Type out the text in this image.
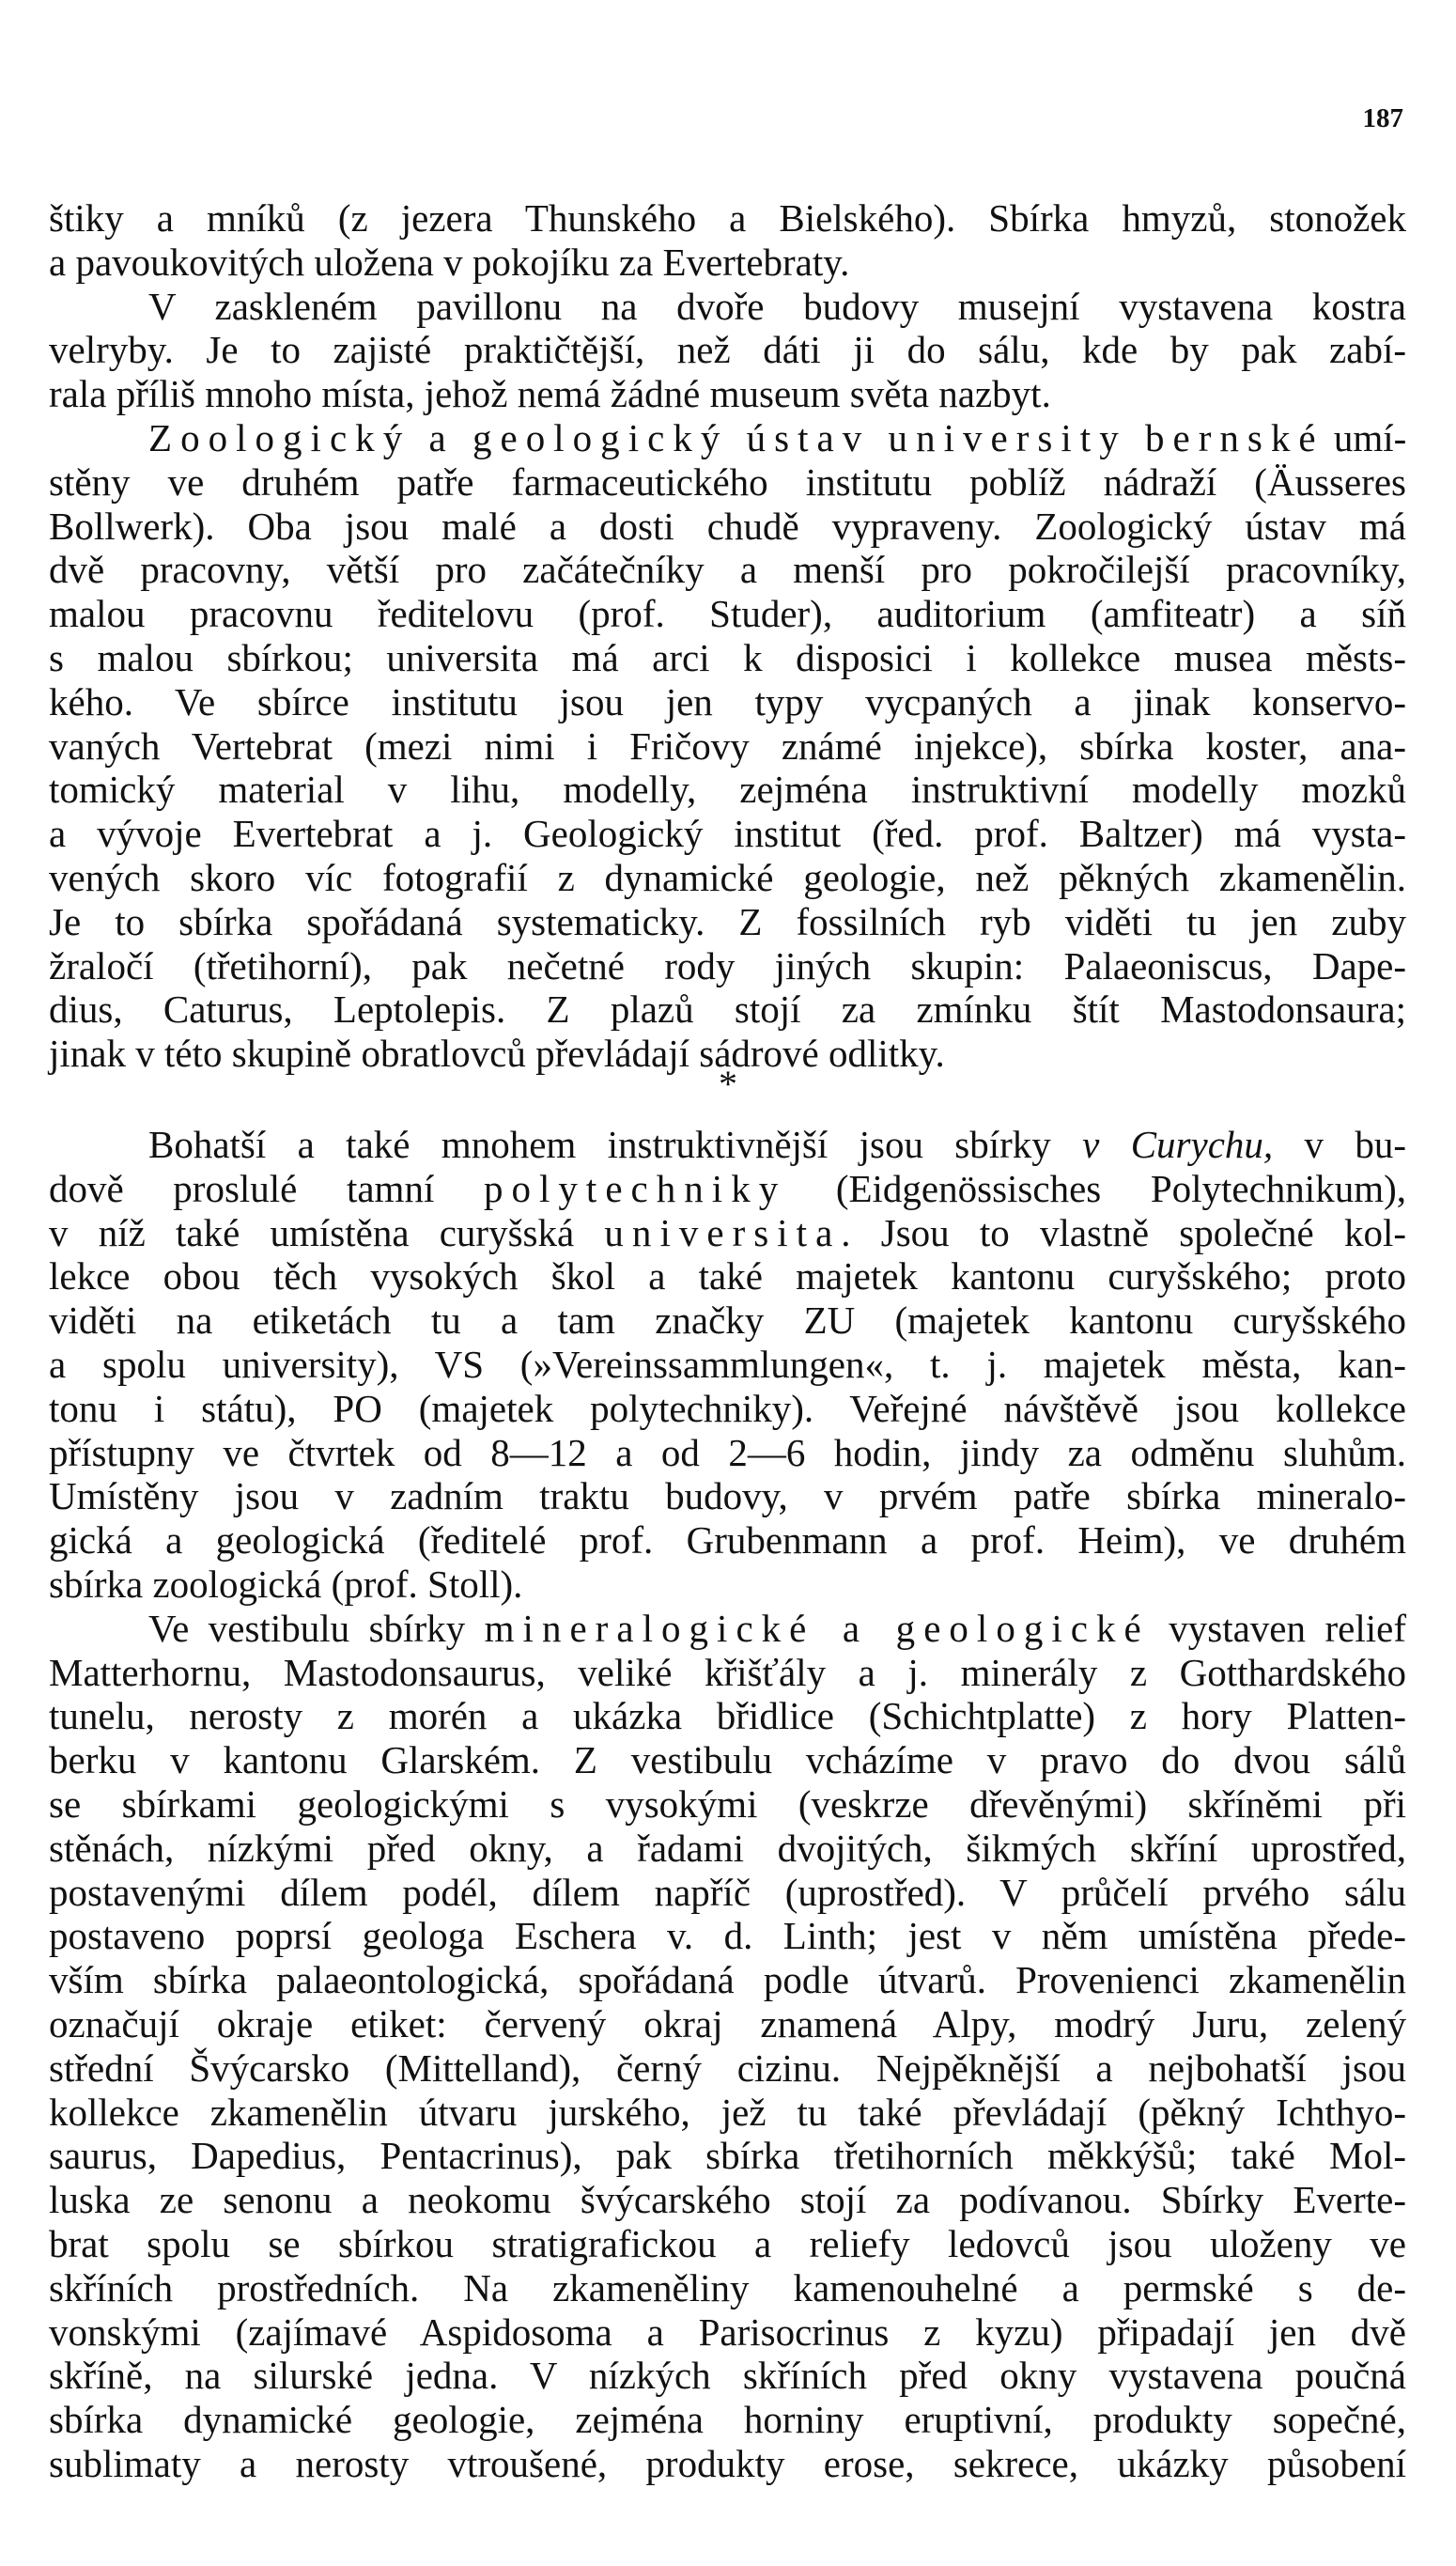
187
štiky a mníků (z jezera Thunského a Bielského). Sbírka hmyzů, stonožek
a pavoukovitých uložena v pokojíku za Evertebraty.
V zaskleném pavillonu na dvoře budovy musejní vystavena kostra
velryby. Je to zajisté praktičtější, než dáti ji do sálu, kde by pak zabí-
rala příliš mnoho místa, jehož nemá žádné museum světa nazbyt.
Zoologický a geologický ústav university bernské umí-
stěny ve druhém patře farmaceutického institutu poblíž nádraží (Äusseres
Bollwerk). Oba jsou malé a dosti chudě vypraveny. Zoologický ústav má
dvě pracovny, větší pro začátečníky a menší pro pokročilejší pracovníky,
malou pracovnu ředitelovu (prof. Studer), auditorium (amfiteatr) a síň
s malou sbírkou; universita má arci k disposici i kollekce musea městs-
kého. Ve sbírce institutu jsou jen typy vycpaných a jinak konservo-
vaných Vertebrat (mezi nimi i Fričovy známé injekce), sbírka koster, ana-
tomický material v lihu, modelly, zejména instruktivní modelly mozků
a vývoje Evertebrat a j. Geologický institut (řed. prof. Baltzer) má vysta-
vených skoro víc fotografií z dynamické geologie, než pěkných zkamenělin.
Je to sbírka spořádaná systematicky. Z fossilních ryb viděti tu jen zuby
žraločí (třetihorní), pak nečetné rody jiných skupin: Palaeoniscus, Dape-
dius, Caturus, Leptolepis. Z plazů stojí za zmínku štít Mastodonsaura;
jinak v této skupině obratlovců převládají sádrové odlitky.
*
Bohatší a také mnohem instruktivnější jsou sbírky v Curychu, v bu-
dově proslulé tamní polytechniky (Eidgenössisches Polytechnikum),
v níž také umístěna curyšská universita. Jsou to vlastně společné kol-
lekce obou těch vysokých škol a také majetek kantonu curyšského; proto
viděti na etiketách tu a tam značky ZU (majetek kantonu curyšského
a spolu university), VS (»Vereinssammlungen«, t. j. majetek města, kan-
tonu i státu), PO (majetek polytechniky). Veřejné návštěvě jsou kollekce
přístupny ve čtvrtek od 8—12 a od 2—6 hodin, jindy za odměnu sluhům.
Umístěny jsou v zadním traktu budovy, v prvém patře sbírka mineralo-
gická a geologická (ředitelé prof. Grubenmann a prof. Heim), ve druhém
sbírka zoologická (prof. Stoll).
Ve vestibulu sbírky mineralogické a geologické vystaven relief
Matterhornu, Mastodonsaurus, veliké křišťály a j. minerály z Gotthardského
tunelu, nerosty z morén a ukázka břidlice (Schichtplatte) z hory Platten-
berku v kantonu Glarském. Z vestibulu vcházíme v pravo do dvou sálů
se sbírkami geologickými s vysokými (veskrze dřevěnými) skříněmi při
stěnách, nízkými před okny, a řadami dvojitých, šikmých skříní uprostřed,
postavenými dílem podél, dílem napříč (uprostřed). V průčelí prvého sálu
postaveno poprsí geologa Eschera v. d. Linth; jest v něm umístěna přede-
vším sbírka palaeontologická, spořádaná podle útvarů. Provenienci zkamenělin
označují okraje etiket: červený okraj znamená Alpy, modrý Juru, zelený
střední Švýcarsko (Mittelland), černý cizinu. Nejpěknější a nejbohatší jsou
kollekce zkamenělin útvaru jurského, jež tu také převládají (pěkný Ichthyo-
saurus, Dapedius, Pentacrinus), pak sbírka třetihorních měkkýšů; také Mol-
luska ze senonu a neokomu švýcarského stojí za podívanou. Sbírky Everte-
brat spolu se sbírkou stratigrafickou a reliefy ledovců jsou uloženy ve
skříních prostředních. Na zkameněliny kamenouhelné a permské s de-
vonskými (zajímavé Aspidosoma a Parisocrinus z kyzu) připadají jen dvě
skříně, na silurské jedna. V nízkých skříních před okny vystavena poučná
sbírka dynamické geologie, zejména horniny eruptivní, produkty sopečné,
sublimaty a nerosty vtroušené, produkty erose, sekrece, ukázky působení
